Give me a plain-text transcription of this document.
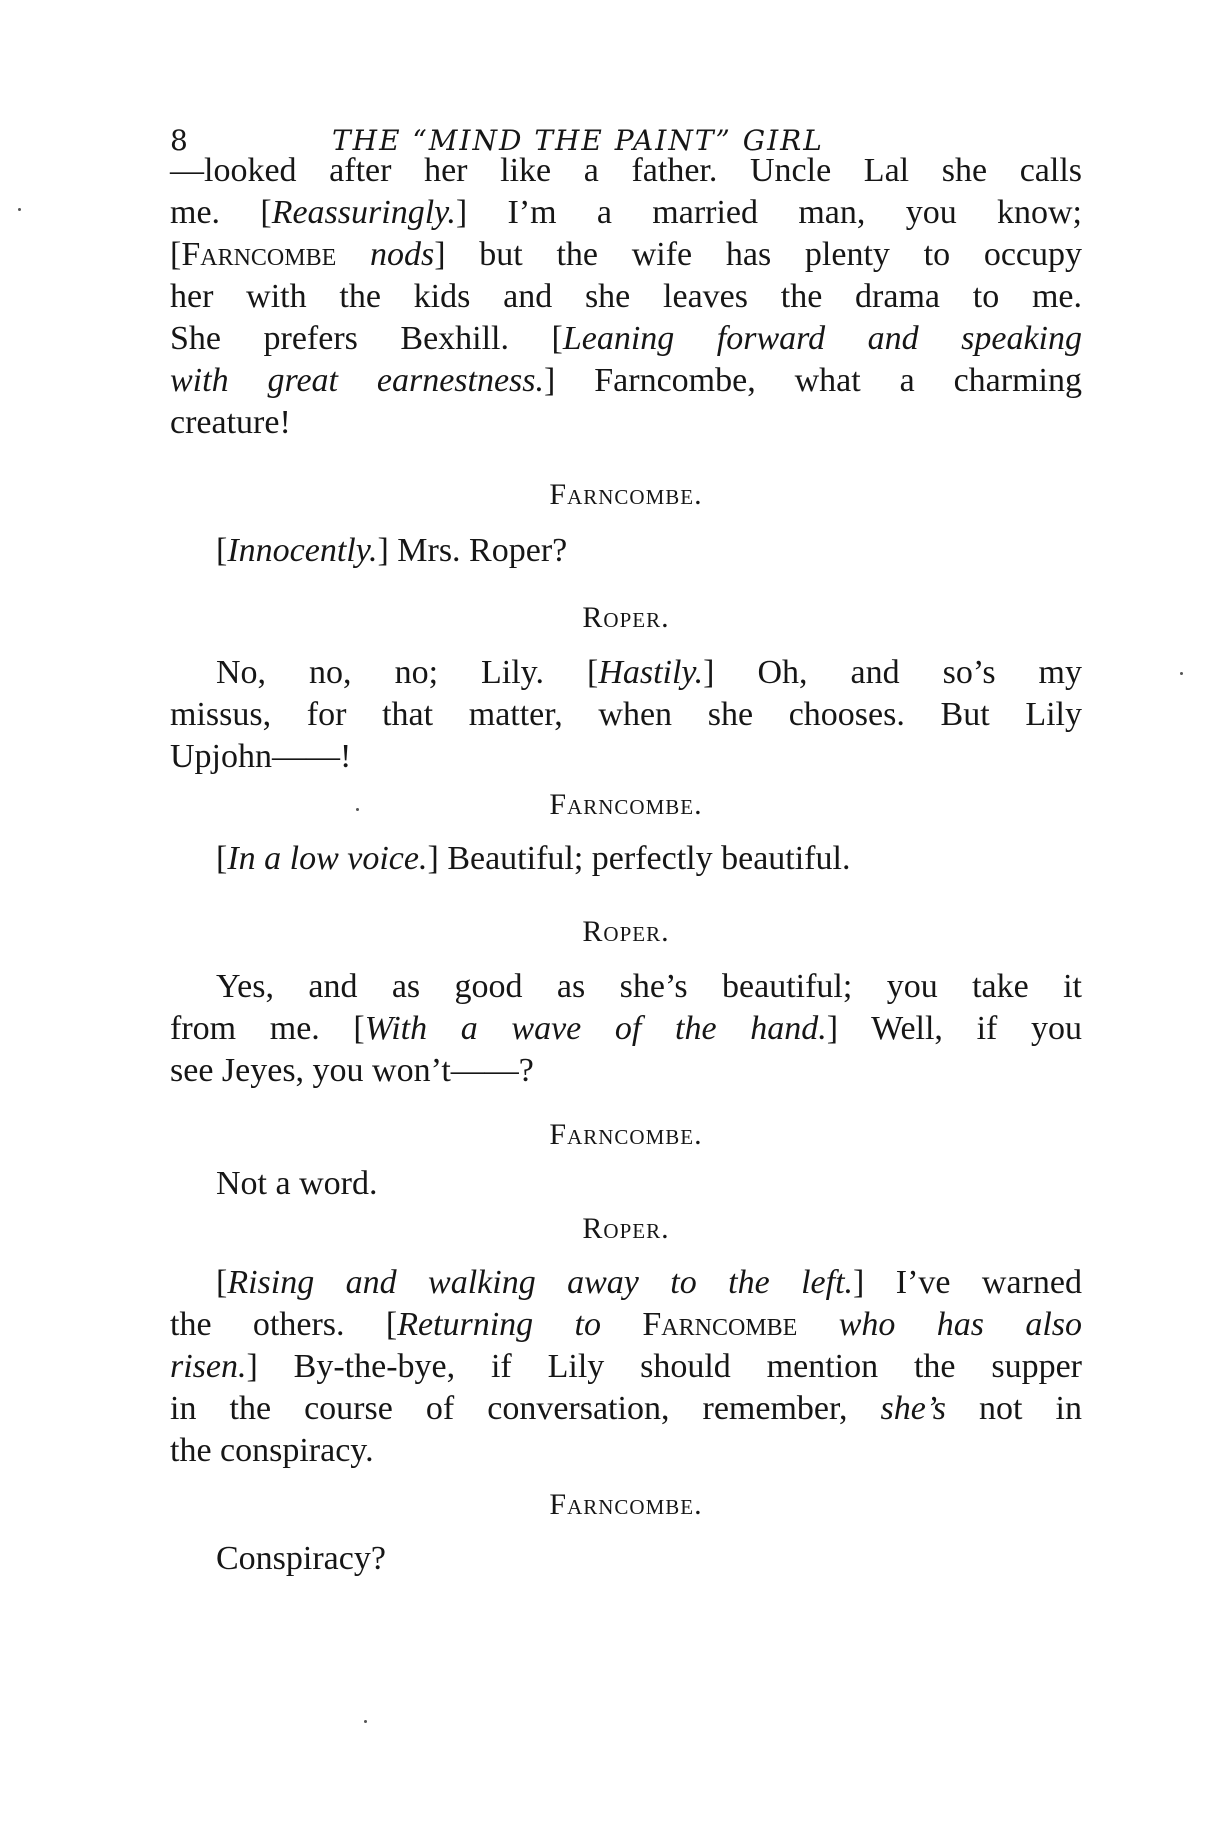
8	THE “MIND THE PAINT” GIRL
—looked after her like a father. Uncle Lal she calls
me. [Reassuringly.] I’m a married man, you know;
[Farncombe nods] but the wife has plenty to occupy
her with the kids and she leaves the drama to me.
She prefers Bexhill. [Leaning forward and speaking
with great earnestness.] Farncombe, what a charming
creature!
Farncombe.
[Innocently.] Mrs. Roper?
Roper.
No, no, no; Lily. [Hastily.] Oh, and so’s my
missus, for that matter, when she chooses. But Lily
Upjohn——!
Farncombe.
[In a low voice.] Beautiful; perfectly beautiful.
Roper.
Yes, and as good as she’s beautiful; you take it
from me. [With a wave of the hand.] Well, if you
see Jeyes, you won’t——?
Farncombe.
Not a word.
Roper.
[Rising and walking away to the left.] I’ve warned
the others. [Returning to Farncombe who has also
risen.] By-the-bye, if Lily should mention the supper
in the course of conversation, remember, she’s not in
the conspiracy.
Farncombe.
Conspiracy?
